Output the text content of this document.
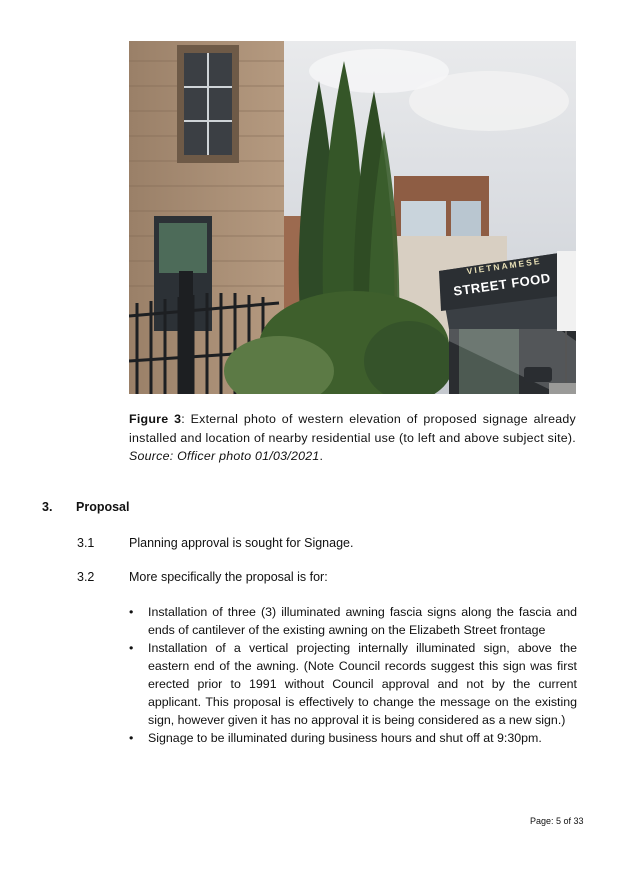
VIETNAMESE
STREET FOOD
Figure 3: External photo of western elevation of proposed signage already installed and location of nearby residential use (to left and above subject site). Source: Officer photo 01/03/2021.
3. Proposal
3.1	Planning approval is sought for Signage.
3.2	More specifically the proposal is for:
• Installation of three (3) illuminated awning fascia signs along the fascia and ends of cantilever of the existing awning on the Elizabeth Street frontage
• Installation of a vertical projecting internally illuminated sign, above the eastern end of the awning. (Note Council records suggest this sign was first erected prior to 1991 without Council approval and not by the current applicant. This proposal is effectively to change the message on the existing sign, however given it has no approval it is being considered as a new sign.)
• Signage to be illuminated during business hours and shut off at 9:30pm.
Page: 5 of 33
